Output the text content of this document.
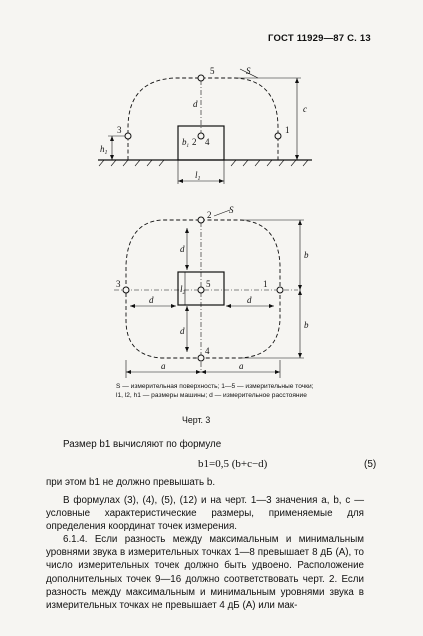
ГОСТ 11929—87 С. 13
5	S
3	1
2 4
d	c
$l_1$
$h_1$
$b_1$
2 S
3	1
5
4
d
d
d	d
a	a
b
b
$l_2$
S — измерительная поверхность; 1—5 — измерительные точки; l1, l2, h1 — размеры машины; d — измерительное расстояние
Черт. 3
Размер b1 вычисляют по формуле
b1=0,5 (b+c−d)	(5)
при этом b1 не должно превышать b.
В формулах (3), (4), (5), (12) и на черт. 1—3 значения a, b, c — условные характеристические размеры, применяемые для определения координат точек измерения.
6.1.4. Если разность между максимальным и минимальным уровнями звука в измерительных точках 1—8 превышает 8 дБ (A), то число измерительных точек должно быть удвоено. Расположение дополнительных точек 9—16 должно соответствовать черт. 2. Если разность между максимальным и минимальным уровнями звука в измерительных точках не превышает 4 дБ (A) или мак-
